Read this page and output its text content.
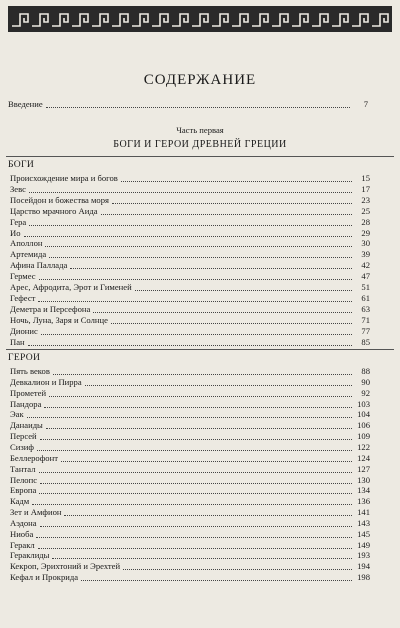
СОДЕРЖАНИЕ
Введение	7
Часть первая
БОГИ И ГЕРОИ ДРЕВНЕЙ ГРЕЦИИ
БОГИ
Происхождение мира и богов	15
Зевс	17
Посейдон и божества моря	23
Царство мрачного Аида	25
Гера	28
Ио	29
Аполлон	30
Артемида	39
Афина Паллада	42
Гермес	47
Арес, Афродита, Эрот и Гименей	51
Гефест	61
Деметра и Персефона	63
Ночь, Луна, Заря и Солнце	71
Дионис	77
Пан	85
ГЕРОИ
Пять веков	88
Девкалион и Пирра	90
Прометей	92
Пандора	103
Эак	104
Данаиды	106
Персей	109
Сизиф	122
Беллерофонт	124
Тантал	127
Пелопс	130
Европа	134
Кадм	136
Зет и Амфион	141
Аэдона	143
Ниоба	145
Геракл	149
Гераклиды	193
Кекроп, Эрихтоний и Эрехтей	194
Кефал и Прокрида	198
